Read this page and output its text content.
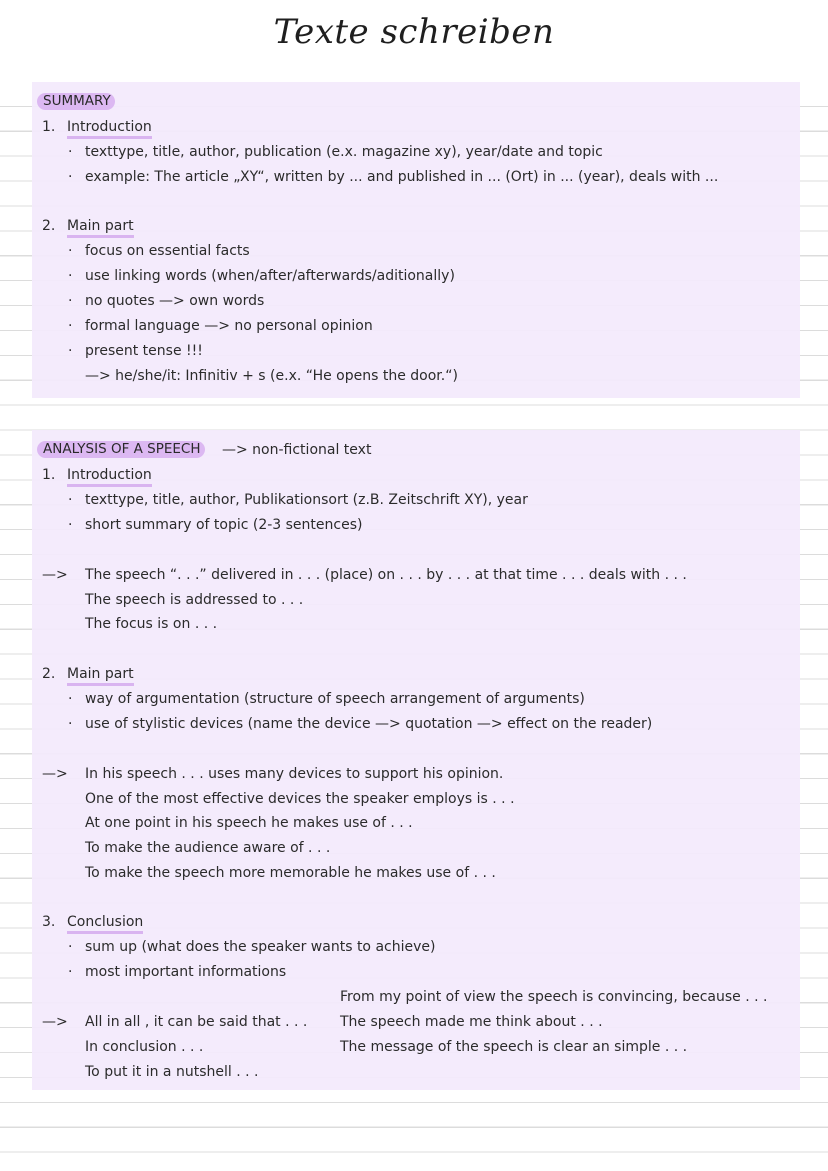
Texte schreiben
SUMMARY
1. Introduction
· texttype, title, author, publication (e.x. magazine xy), year/date and topic
· example: The article „XY“, written by ... and published in ... (Ort) in ... (year), deals with ...
2. Main part
· focus on essential facts
· use linking words (when/after/afterwards/aditionally)
· no quotes —> own words
· formal language —> no personal opinion
· present tense !!!
—> he/she/it: Infinitiv + s (e.x. “He opens the door.“)
ANALYSIS OF A SPEECH —> non-fictional text
1. Introduction
· texttype, title, author, Publikationsort (z.B. Zeitschrift XY), year
· short summary of topic (2-3 sentences)
—> The speech “. . .” delivered in . . . (place) on . . . by . . . at that time . . . deals with . . .
The speech is addressed to . . .
The focus is on . . .
2. Main part
· way of argumentation (structure of speech arrangement of arguments)
· use of stylistic devices (name the device —> quotation —> effect on the reader)
—> In his speech . . . uses many devices to support his opinion.
One of the most effective devices the speaker employs is . . .
At one point in his speech he makes use of . . .
To make the audience aware of . . .
To make the speech more memorable he makes use of . . .
3. Conclusion
· sum up (what does the speaker wants to achieve)
· most important informations
From my point of view the speech is convincing, because . . .
—> All in all , it can be said that . . . The speech made me think about . . .
In conclusion . . .	The message of the speech is clear an simple . . .
To put it in a nutshell . . .
